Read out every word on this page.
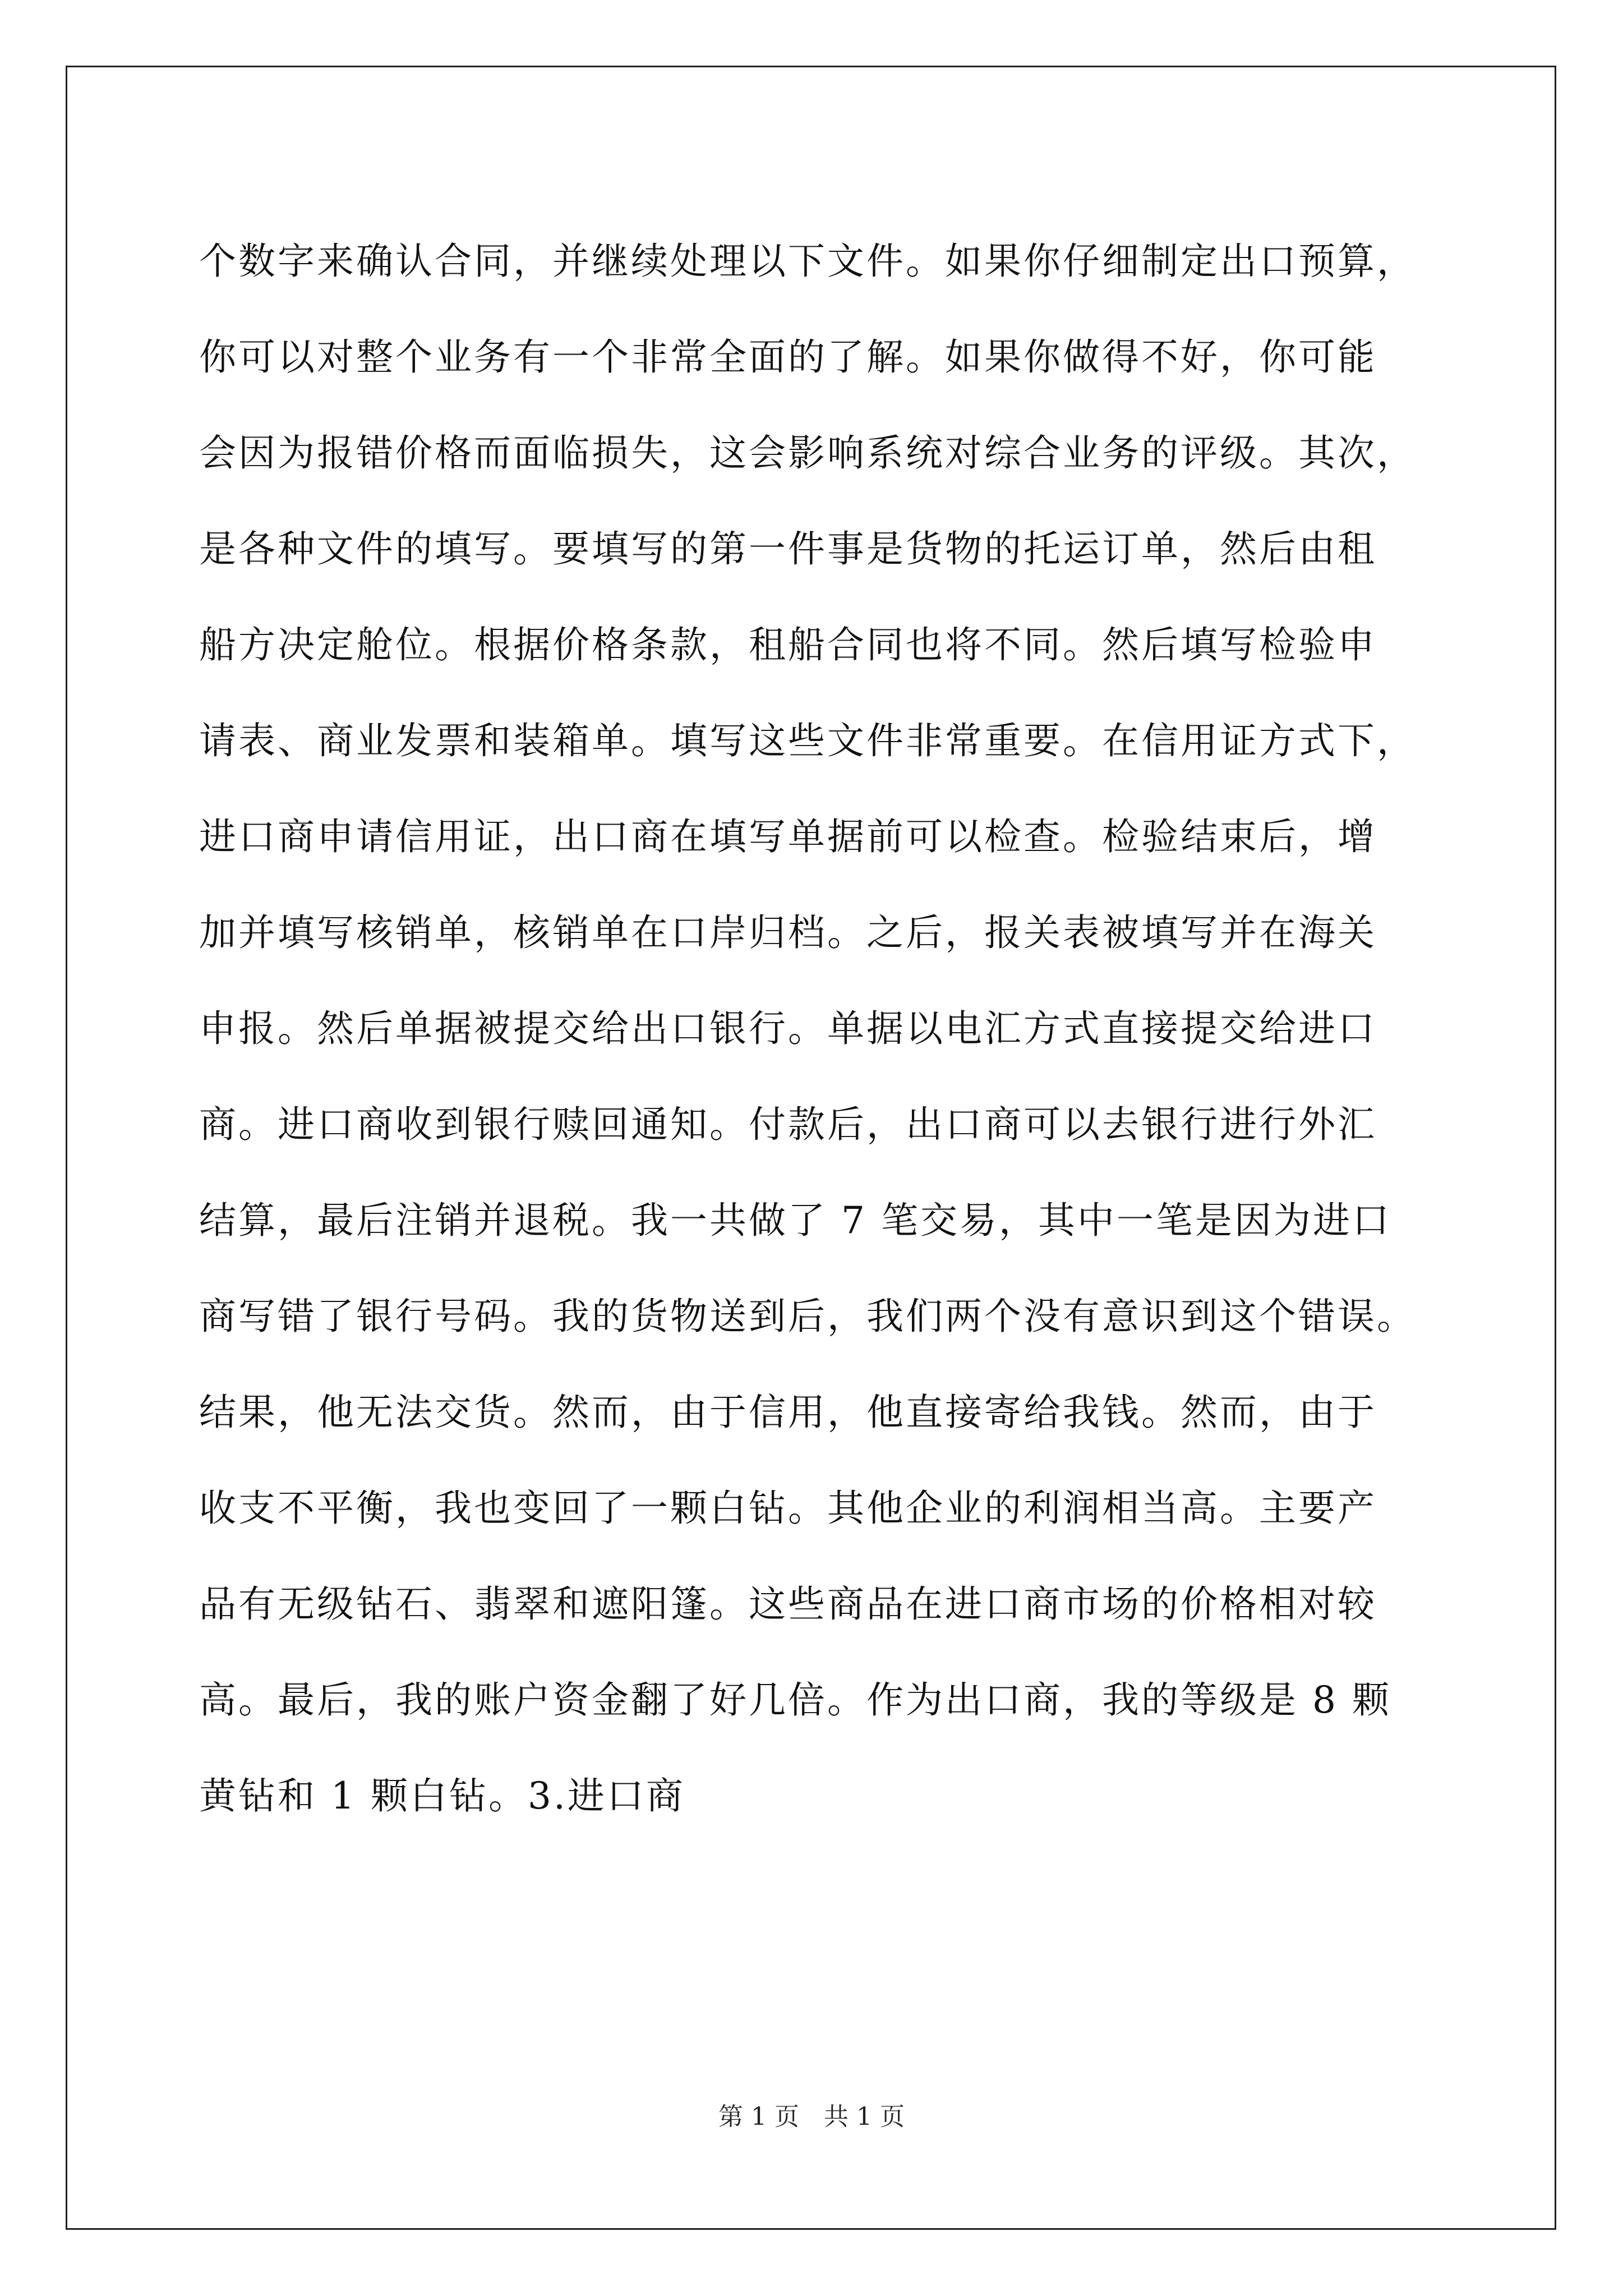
个数字来确认合同，并继续处理以下文件。如果你仔细制定出口预算，
你可以对整个业务有一个非常全面的了解。如果你做得不好，你可能
会因为报错价格而面临损失，这会影响系统对综合业务的评级。其次，
是各种文件的填写。要填写的第一件事是货物的托运订单，然后由租
船方决定舱位。根据价格条款，租船合同也将不同。然后填写检验申
请表、商业发票和装箱单。填写这些文件非常重要。在信用证方式下，
进口商申请信用证，出口商在填写单据前可以检查。检验结束后，增
加并填写核销单，核销单在口岸归档。之后，报关表被填写并在海关
申报。然后单据被提交给出口银行。单据以电汇方式直接提交给进口
商。进口商收到银行赎回通知。付款后，出口商可以去银行进行外汇
结算，最后注销并退税。我一共做了 7 笔交易，其中一笔是因为进口
商写错了银行号码。我的货物送到后，我们两个没有意识到这个错误。
结果，他无法交货。然而，由于信用，他直接寄给我钱。然而，由于
收支不平衡，我也变回了一颗白钻。其他企业的利润相当高。主要产
品有无级钻石、翡翠和遮阳篷。这些商品在进口商市场的价格相对较
高。最后，我的账户资金翻了好几倍。作为出口商，我的等级是 8 颗
黄钻和 1 颗白钻。3.进口商
第 1 页　共 1 页
